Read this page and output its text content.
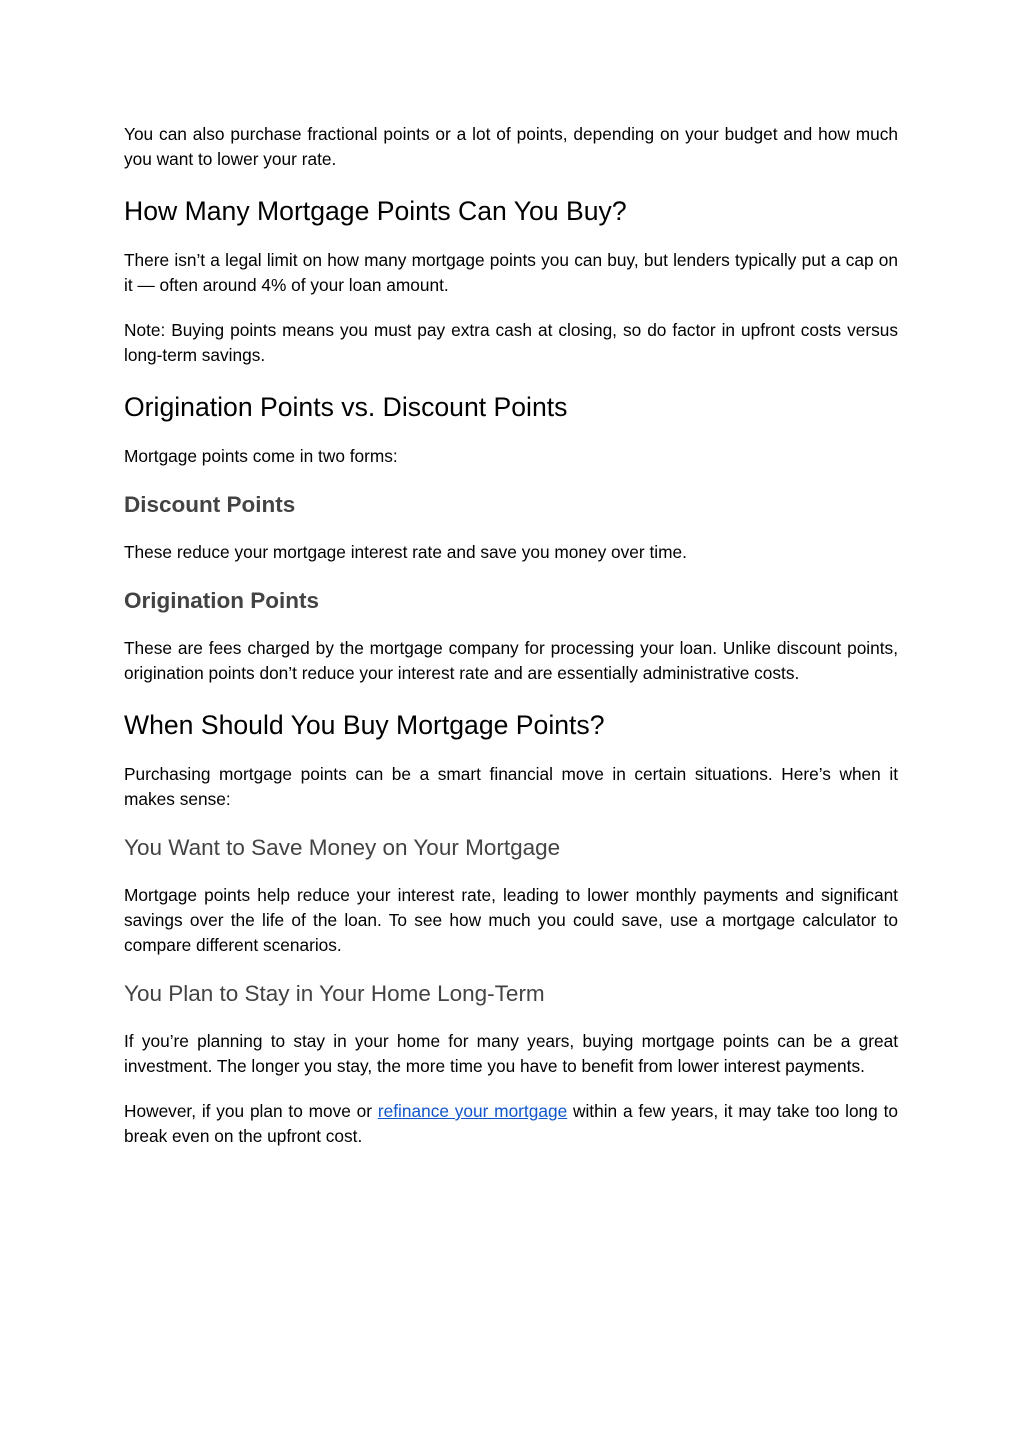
You can also purchase fractional points or a lot of points, depending on your budget and how much you want to lower your rate.

How Many Mortgage Points Can You Buy?

There isn’t a legal limit on how many mortgage points you can buy, but lenders typically put a cap on it — often around 4% of your loan amount.

Note: Buying points means you must pay extra cash at closing, so do factor in upfront costs versus long-term savings.

Origination Points vs. Discount Points

Mortgage points come in two forms:

Discount Points

These reduce your mortgage interest rate and save you money over time.

Origination Points

These are fees charged by the mortgage company for processing your loan. Unlike discount points, origination points don’t reduce your interest rate and are essentially administrative costs.

When Should You Buy Mortgage Points?

Purchasing mortgage points can be a smart financial move in certain situations. Here’s when it makes sense:

You Want to Save Money on Your Mortgage

Mortgage points help reduce your interest rate, leading to lower monthly payments and significant savings over the life of the loan. To see how much you could save, use a mortgage calculator to compare different scenarios.

You Plan to Stay in Your Home Long-Term

If you’re planning to stay in your home for many years, buying mortgage points can be a great investment. The longer you stay, the more time you have to benefit from lower interest payments.

However, if you plan to move or refinance your mortgage within a few years, it may take too long to break even on the upfront cost.
